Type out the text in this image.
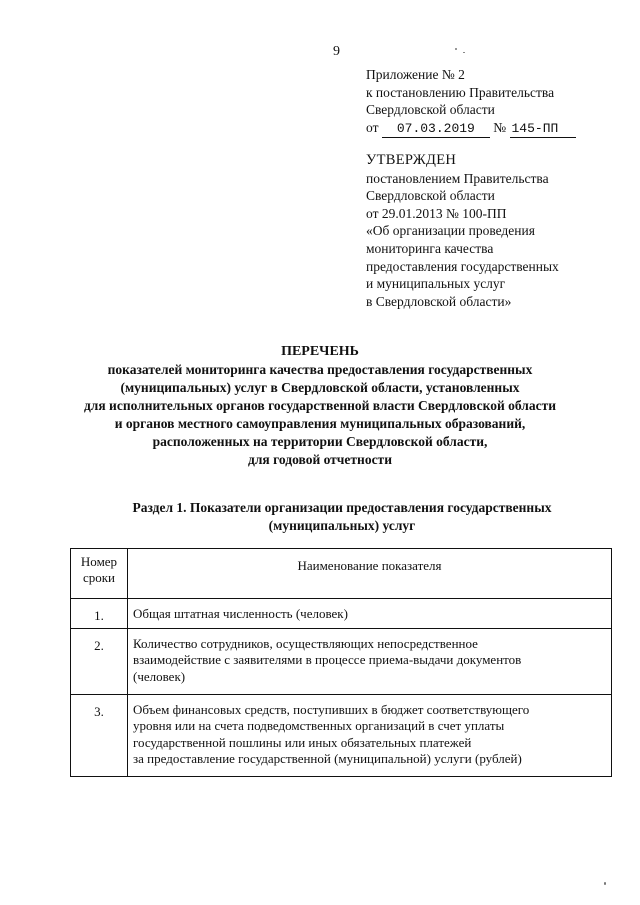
9
Приложение № 2
к постановлению Правительства
Свердловской области
от 07.03.2019 № 145-ПП
УТВЕРЖДЕН
постановлением Правительства
Свердловской области
от 29.01.2013 № 100-ПП
«Об организации проведения
мониторинга качества
предоставления государственных
и муниципальных услуг
в Свердловской области»
ПЕРЕЧЕНЬ
показателей мониторинга качества предоставления государственных
(муниципальных) услуг в Свердловской области, установленных
для исполнительных органов государственной власти Свердловской области
и органов местного самоуправления муниципальных образований,
расположенных на территории Свердловской области,
для годовой отчетности
Раздел 1. Показатели организации предоставления государственных
(муниципальных) услуг
Номер
сроки	Наименование показателя
1.	Общая штатная численность (человек)

2.	Количество сотрудников, осуществляющих непосредственное
взаимодействие с заявителями в процессе приема-выдачи документов
(человек)

3.	Объем финансовых средств, поступивших в бюджет соответствующего
уровня или на счета подведомственных организаций в счет уплаты
государственной пошлины или иных обязательных платежей
за предоставление государственной (муниципальной) услуги (рублей)
